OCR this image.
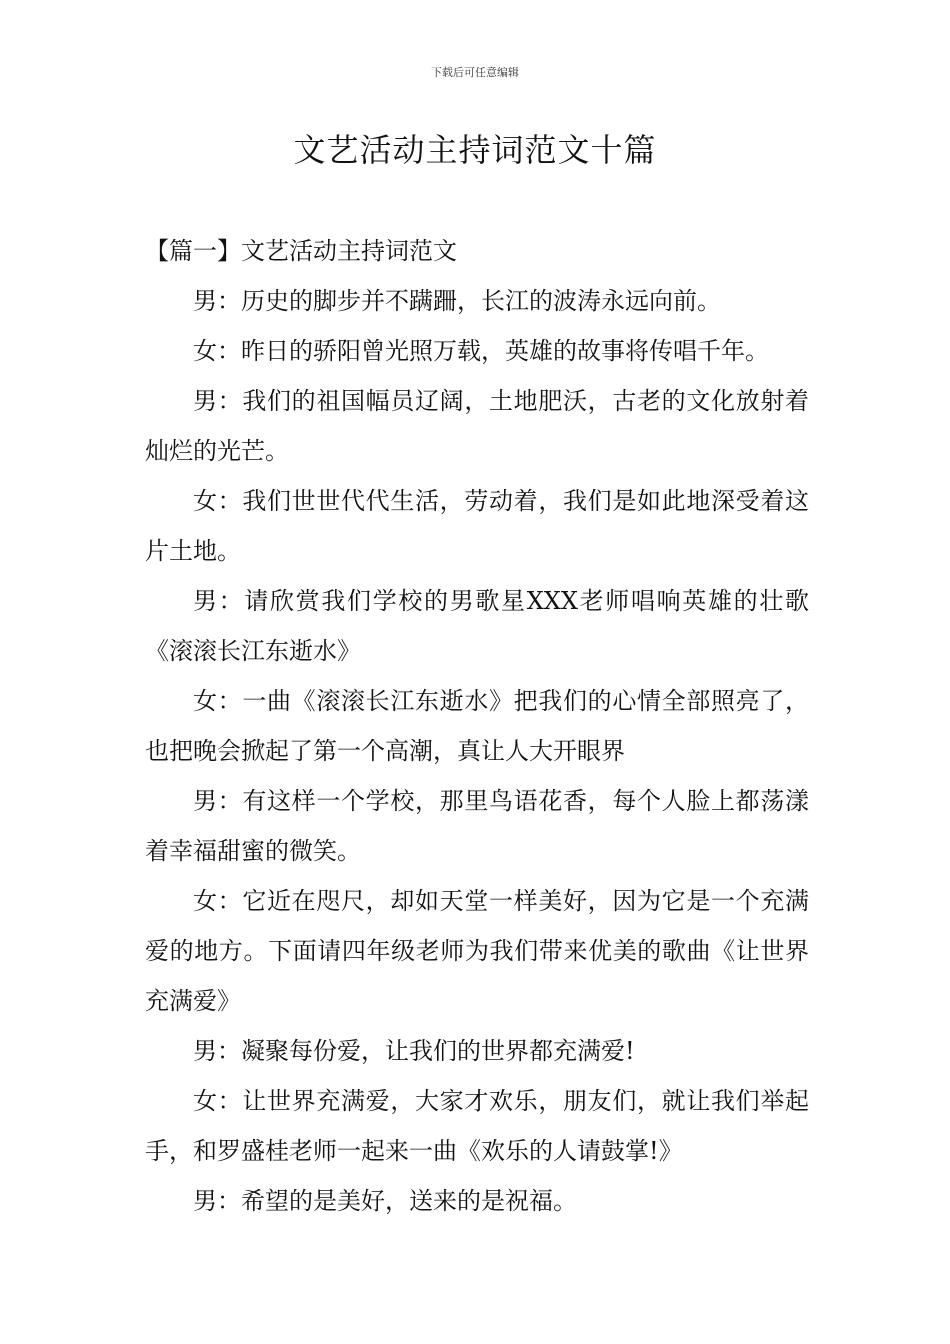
下载后可任意编辑
文艺活动主持词范文十篇

【篇一】文艺活动主持词范文

男：历史的脚步并不蹒跚，长江的波涛永远向前。

女：昨日的骄阳曾光照万载，英雄的故事将传唱千年。

男：我们的祖国幅员辽阔，土地肥沃，古老的文化放射着灿烂的光芒。

女：我们世世代代生活，劳动着，我们是如此地深受着这片土地。

男：请欣赏我们学校的男歌星XXX老师唱响英雄的壮歌《滚滚长江东逝水》

女：一曲《滚滚长江东逝水》把我们的心情全部照亮了，也把晚会掀起了第一个高潮，真让人大开眼界

男：有这样一个学校，那里鸟语花香，每个人脸上都荡漾着幸福甜蜜的微笑。

女：它近在咫尺，却如天堂一样美好，因为它是一个充满爱的地方。下面请四年级老师为我们带来优美的歌曲《让世界充满爱》

男：凝聚每份爱，让我们的世界都充满爱!

女：让世界充满爱，大家才欢乐，朋友们，就让我们举起手，和罗盛桂老师一起来一曲《欢乐的人请鼓掌!》

男：希望的是美好，送来的是祝福。
